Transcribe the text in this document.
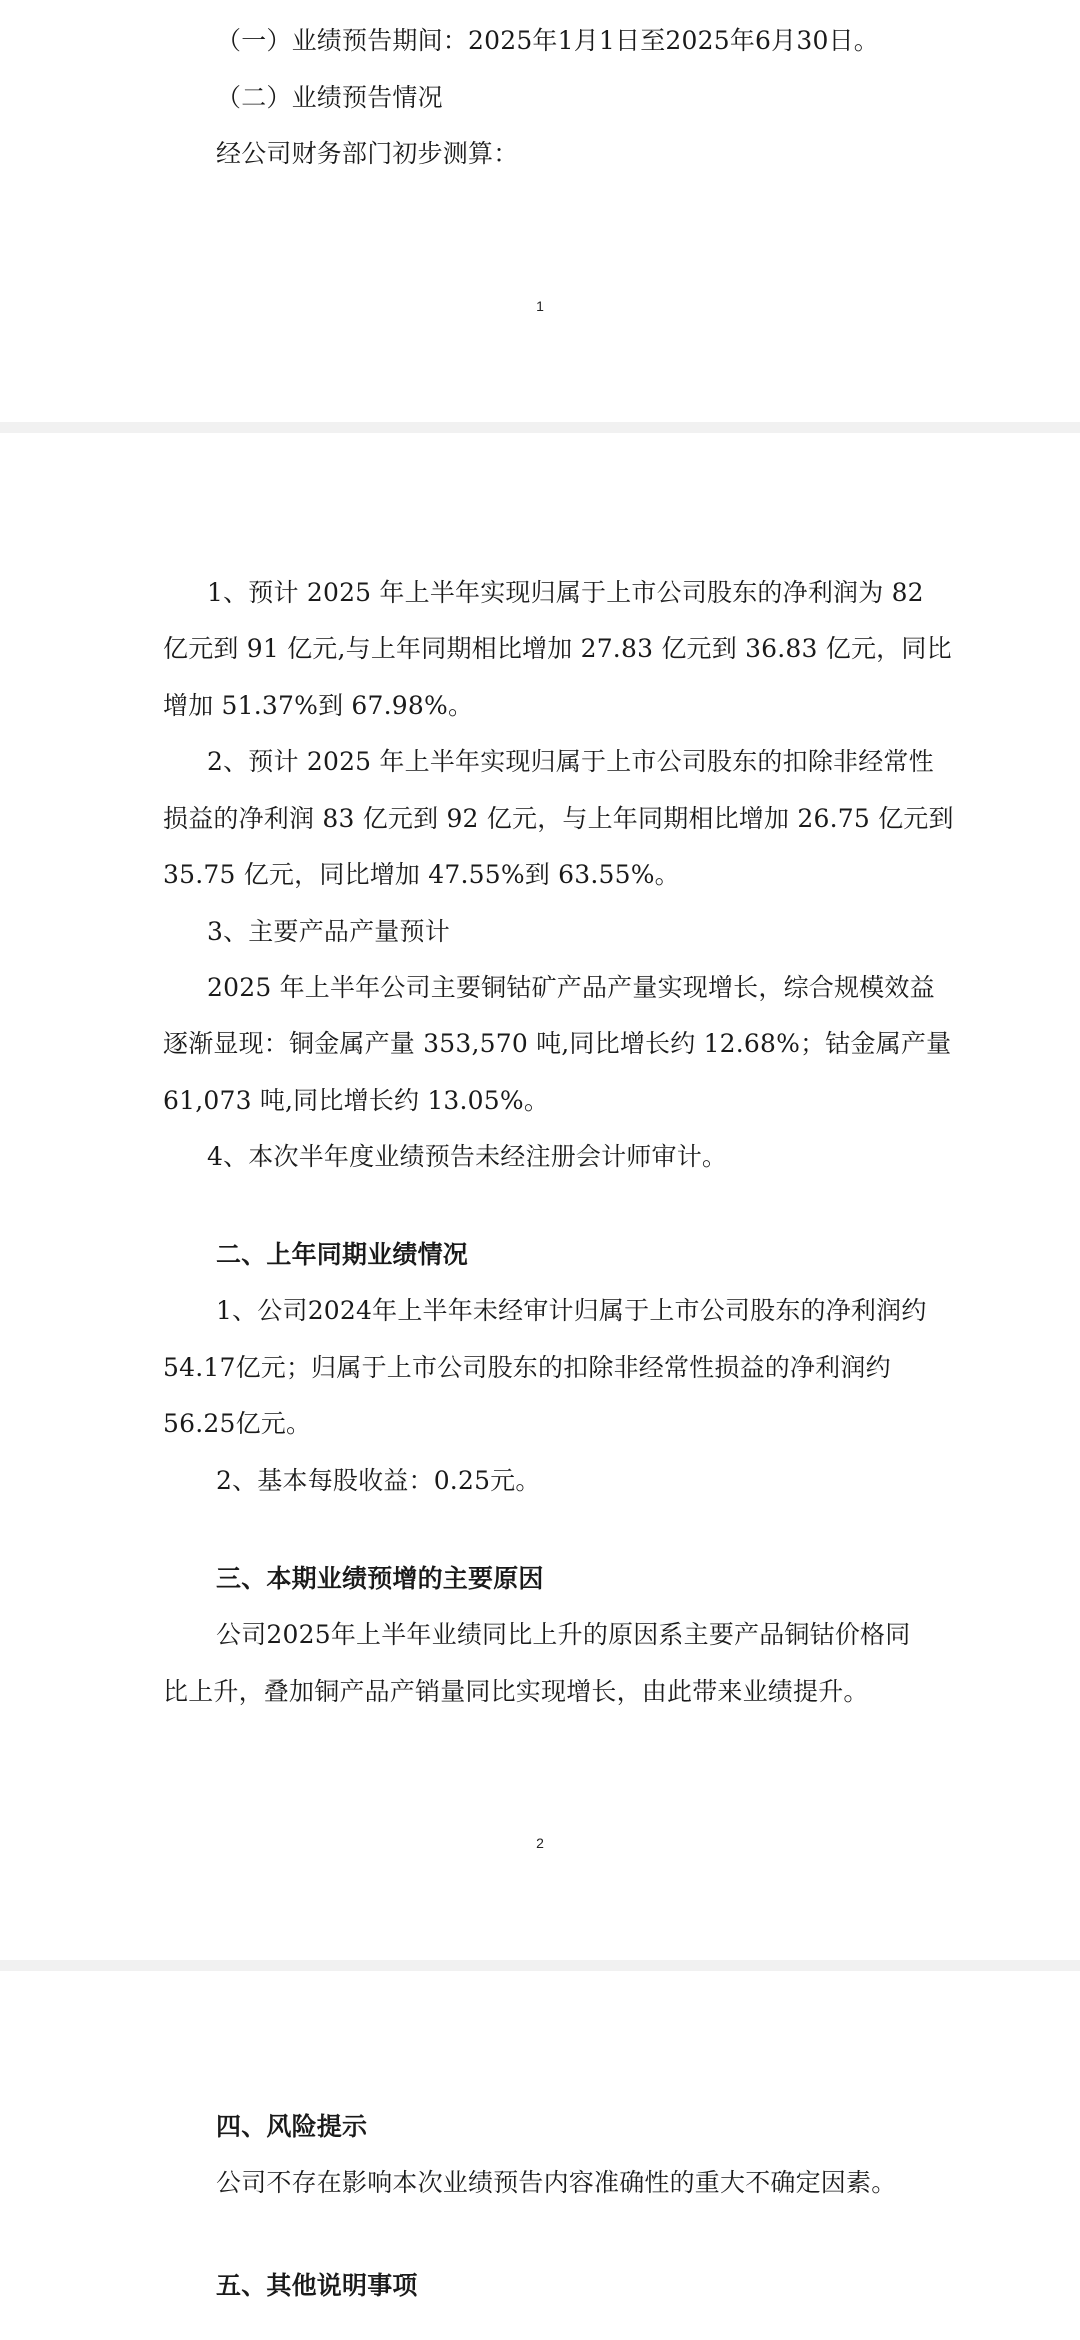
（一）业绩预告期间：2025年1月1日至2025年6月30日。
（二）业绩预告情况
经公司财务部门初步测算：
1
1、预计 2025 年上半年实现归属于上市公司股东的净利润为 82
亿元到 91 亿元,与上年同期相比增加 27.83 亿元到 36.83 亿元，同比
增加 51.37%到 67.98%。
2、预计 2025 年上半年实现归属于上市公司股东的扣除非经常性
损益的净利润 83 亿元到 92 亿元，与上年同期相比增加 26.75 亿元到
35.75 亿元，同比增加 47.55%到 63.55%。
3、主要产品产量预计
2025 年上半年公司主要铜钴矿产品产量实现增长，综合规模效益
逐渐显现：铜金属产量 353,570 吨,同比增长约 12.68%；钴金属产量
61,073 吨,同比增长约 13.05%。
4、本次半年度业绩预告未经注册会计师审计。
二、上年同期业绩情况
1、公司2024年上半年未经审计归属于上市公司股东的净利润约
54.17亿元；归属于上市公司股东的扣除非经常性损益的净利润约
56.25亿元。
2、基本每股收益：0.25元。
三、本期业绩预增的主要原因
公司2025年上半年业绩同比上升的原因系主要产品铜钴价格同
比上升，叠加铜产品产销量同比实现增长，由此带来业绩提升。
2
四、风险提示
公司不存在影响本次业绩预告内容准确性的重大不确定因素。
五、其他说明事项
